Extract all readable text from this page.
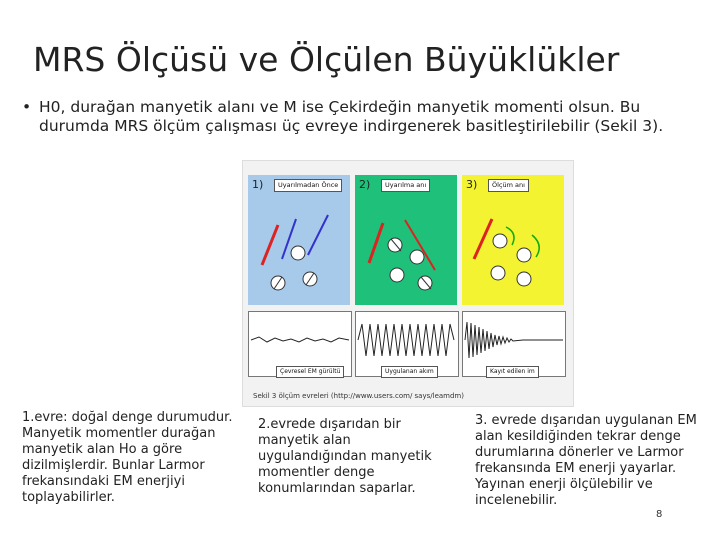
MRS Ölçüsü ve Ölçülen Büyüklükler
• H0, durağan manyetik alanı ve M ise Çekirdeğin manyetik momenti olsun. Bu durumda MRS ölçüm çalışması üç evreye indirgenerek basitleştirilebilir (Sekil 3).
1)	Uyarılmadan Önce	2)	Uyarılma anı	3)	Ölçüm anı
Çevresel EM gürültü	Uygulanan akım	Kayıt edilen im
Sekil 3 ölçüm evreleri (http://www.users.com/ says/leamdm)
1.evre: doğal denge durumudur. Manyetik momentler durağan manyetik alan Ho a göre dizilmişlerdir. Bunlar Larmor frekansındaki EM enerjiyi toplayabilirler.
2.evrede dışarıdan bir manyetik alan uygulandığından manyetik momentler denge konumlarından saparlar.
3. evrede dışarıdan uygulanan EM alan kesildiğinden tekrar denge durumlarına dönerler ve Larmor frekansında EM enerji yayarlar. Yayınan enerji ölçülebilir ve incelenebilir.
8
